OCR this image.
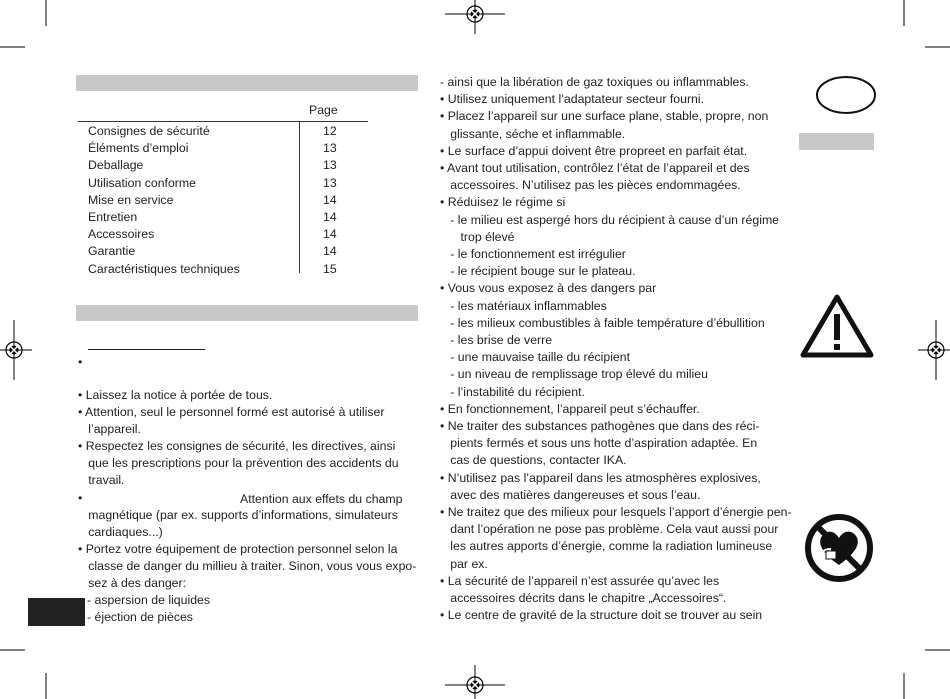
Page
Consignes de sécurité	12
Éléments d’emploi	13
Deballage	13
Utilisation conforme	13
Mise en service	14
Entretien	14
Accessoires	14
Garantie	14
Caractéristiques techniques	15
•
• Laissez la notice à portée de tous.
• Attention, seul le personnel formé est autorisé à utiliser
l’appareil.
• Respectez les consignes de sécurité, les directives, ainsi
que les prescriptions pour la prévention des accidents du
travail.
•
magnétique (par ex. supports d’informations, simulateurs
cardiaques...)
• Portez votre équipement de protection personnel selon la
classe de danger du millieu à traiter. Sinon, vous vous expo-
sez à des danger:
- aspersion de liquides
- éjection de pièces
Attention aux effets du champ
- ainsi que la libération de gaz toxiques ou inflammables.
• Utilisez uniquement l’adaptateur secteur fourni.
• Placez l’appareil sur une surface plane, stable, propre, non
glissante, séche et inflammable.
• Le surface d’appui doivent être propreet en parfait état.
• Avant tout utilisation, contrôlez l’état de l’appareil et des
accessoires. N’utilisez pas les pièces endommagées.
• Réduisez le régime si
- le milieu est aspergé hors du récipient à cause d’un régime
trop élevé
- le fonctionnement est irrégulier
- le récipient bouge sur le plateau.
• Vous vous exposez à des dangers par
- les matériaux inflammables
- les milieux combustibles à faible température d’ébullition
- les brise de verre
- une mauvaise taille du récipient
- un niveau de remplissage trop élevé du milieu
- l’instabilité du récipient.
• En fonctionnement, l’appareil peut s’échauffer.
• Ne traiter des substances pathogènes que dans des réci-
pients fermés et sous uns hotte d’aspiration adaptée. En
cas de questions, contacter IKA.
• N’utilisez pas l’appareil dans les atmosphères explosives,
avec des matières dangereuses et sous l’eau.
• Ne traitez que des milieux pour lesquels l’apport d’énergie pen-
dant l’opération ne pose pas problème. Cela vaut aussi pour
les autres apports d’énergie, comme la radiation lumineuse
par ex.
• La sécurité de l’appareil n’est assurée qu’avec les
accessoires décrits dans le chapitre „Accessoires“.
• Le centre de gravité de la structure doit se trouver au sein
